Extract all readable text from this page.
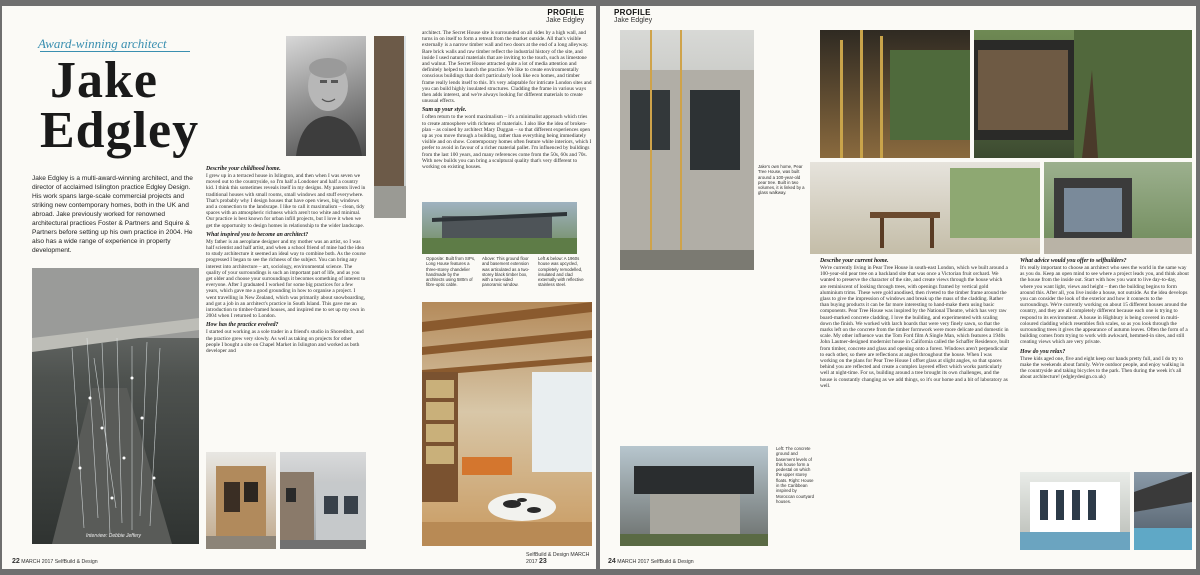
Award-winning architect
Jake
Edgley

Jake Edgley is a multi-award-winning architect, and the director of acclaimed Islington practice Edgley Design. His work spans large-scale commercial projects and striking new contemporary homes, both in the UK and abroad. Jake previously worked for renowned architectural practices Foster & Partners and Squire & Partners before setting up his own practice in 2004. He also has a wide range of experience in property development.

Interview: Debbie Jeffery

Describe your childhood home.

I grew up in a terraced house in Islington, and then when I was seven we moved out to the countryside, so I'm half a Londoner and half a country kid. I think this sometimes reveals itself in my designs. My parents lived in traditional houses with small rooms, small windows and stuff everywhere. That's probably why I design houses that have open views, big windows and a connection to the landscape. I like to call it maximalism – clean, tidy spaces with an atmospheric richness which aren't too white and minimal. Our practice is best known for urban infill projects, but I love it when we get the opportunity to design homes in relationship to the wider landscape.

What inspired you to become an architect?

My father is an aeroplane designer and my mother was an artist, so I was half scientist and half artist, and when a school friend of mine had the idea to study architecture it seemed an ideal way to combine both. As the course progressed I began to see the richness of the subject. You can bring any interest into architecture – art, sociology, environmental science. The quality of your surroundings is such an important part of life, and as you get older and choose your surroundings it becomes something of interest to everyone. After I graduated I worked for some big practices for a few years, which gave me a good grounding in how to organise a project. I went travelling in New Zealand, which was primarily about snowboarding, and got a job in an architect's practice in South Island. This gave me an introduction to timber-framed houses, and inspired me to set up my own in 2004 when I returned to London.

How has the practice evolved?

I started out working as a sole trader in a friend's studio in Shoreditch, and the practice grew very slowly. As well as taking on projects for other people I bought a site on Chapel Market in Islington and worked as both developer and

22 MARCH 2017 SelfBuild & Design
PROFILE
Jake Edgley

architect. The Secret House site is surrounded on all sides by a high wall, and turns in on itself to form a retreat from the market outside. All that's visible externally is a narrow timber wall and two doors at the end of a long alleyway. Bare brick walls and raw timber reflect the industrial history of the site, and inside I used natural materials that are inviting to the touch, such as limestone and walnut. The Secret House attracted quite a lot of media attention and definitely helped to launch the practice. We like to create environmentally conscious buildings that don't particularly look like eco homes, and timber frame really lends itself to this. It's very adaptable for intricate London sites and you can build highly insulated structures. Cladding the frame in various ways then adds interest, and we're always looking for different materials to create unusual effects.

Sum up your style.

I often return to the word maximalism – it's a minimalist approach which tries to create atmosphere with richness of materials. I also like the idea of broken-plan – as coined by architect Mary Duggan – so that different experiences open up as you move through a building, rather than everything being immediately visible and on show. Contemporary homes often feature white interiors, which I prefer to avoid in favour of a richer material pallet. I'm influenced by buildings from the last 100 years, and many references come from the 50s, 60s and 70s. With new builds you can bring a sculptural quality that's very different to working on existing houses.

Opposite: Built from SIPs, Long House features a three-storey chandelier handmade by the architects using 580m of fibre-optic cable.

Above: This ground floor and basement extension was articulated as a two-storey black timber box, with a two-sided panoramic window.

Left & below: A 1960s house was upcycled, completely remodelled, insulated and clad externally with reflective stainless steel.

SelfBuild & Design MARCH 2017 23
PROFILE
Jake Edgley

Jake's own home, Pear Tree House, was built around a 100-year-old pear tree. Built in two volumes, it is linked by a glass walkway.

Describe your current home.

We're currently living in Pear Tree House in south-east London, which we built around a 100-year-old pear tree on a backland site that was once a Victorian fruit orchard. We wanted to preserve the character of the site, and create views through the house which are reminiscent of looking through trees, with openings framed by vertical gold aluminium trims. These were gold anodised, then riveted to the timber frame around the glass to give the impression of windows and break up the mass of the cladding. Rather than buying products it can be far more interesting to hand-make them using basic components. Pear Tree House was inspired by the National Theatre, which has very raw board-marked concrete cladding. I love the building, and experimented with scaling down the finish. We worked with larch boards that were very finely sawn, so that the marks left on the concrete from the timber formwork were more delicate and domestic in scale. My other influence was the Tom Ford film A Single Man, which features a 1940s John Lautner-designed modernist house in California called the Schaffer Residence, built from timber, concrete and glass and opening onto a forest. Windows aren't perpendicular to each other, so there are reflections at angles throughout the house. When I was working on the plans for Pear Tree House I offset glass at slight angles, so that spaces behind you are reflected and create a complex layered effect which works particularly well at night-time. For us, building around a tree brought its own challenges, and the house is constantly changing as we add things, so it's our home and a bit of laboratory as well.

Left: The concrete ground and basement levels of this house form a pedestal on which the upper storey floats. Right: House in the Caribbean inspired by Moroccan courtyard houses.

What advice would you offer to selfbuilders?

It's really important to choose an architect who sees the world in the same way as you do. Keep an open mind to see where a project leads you, and think about the house from the inside out. Start with how you want to live day-to-day, where you want light, views and height – then the building begins to form around this. After all, you live inside a house, not outside. As the idea develops you can consider the look of the exterior and how it connects to the surroundings. We're currently working on about 15 different houses around the country, and they are all completely different because each one is trying to respond to its environment. A house in Highbury is being covered in multi-coloured cladding which resembles fish scales, so as you look through the surrounding trees it gives the appearance of autumn leaves. Often the form of a building comes from trying to work with awkward, hemmed-in sites, and still creating views which are very private.

How do you relax?

Three kids aged one, five and eight keep our hands pretty full, and I do try to make the weekends about family. We're outdoor people, and enjoy walking in the countryside and taking bicycles to the park. Then during the week it's all about architecture! (edgleydesign.co.uk)

24 MARCH 2017 SelfBuild & Design
